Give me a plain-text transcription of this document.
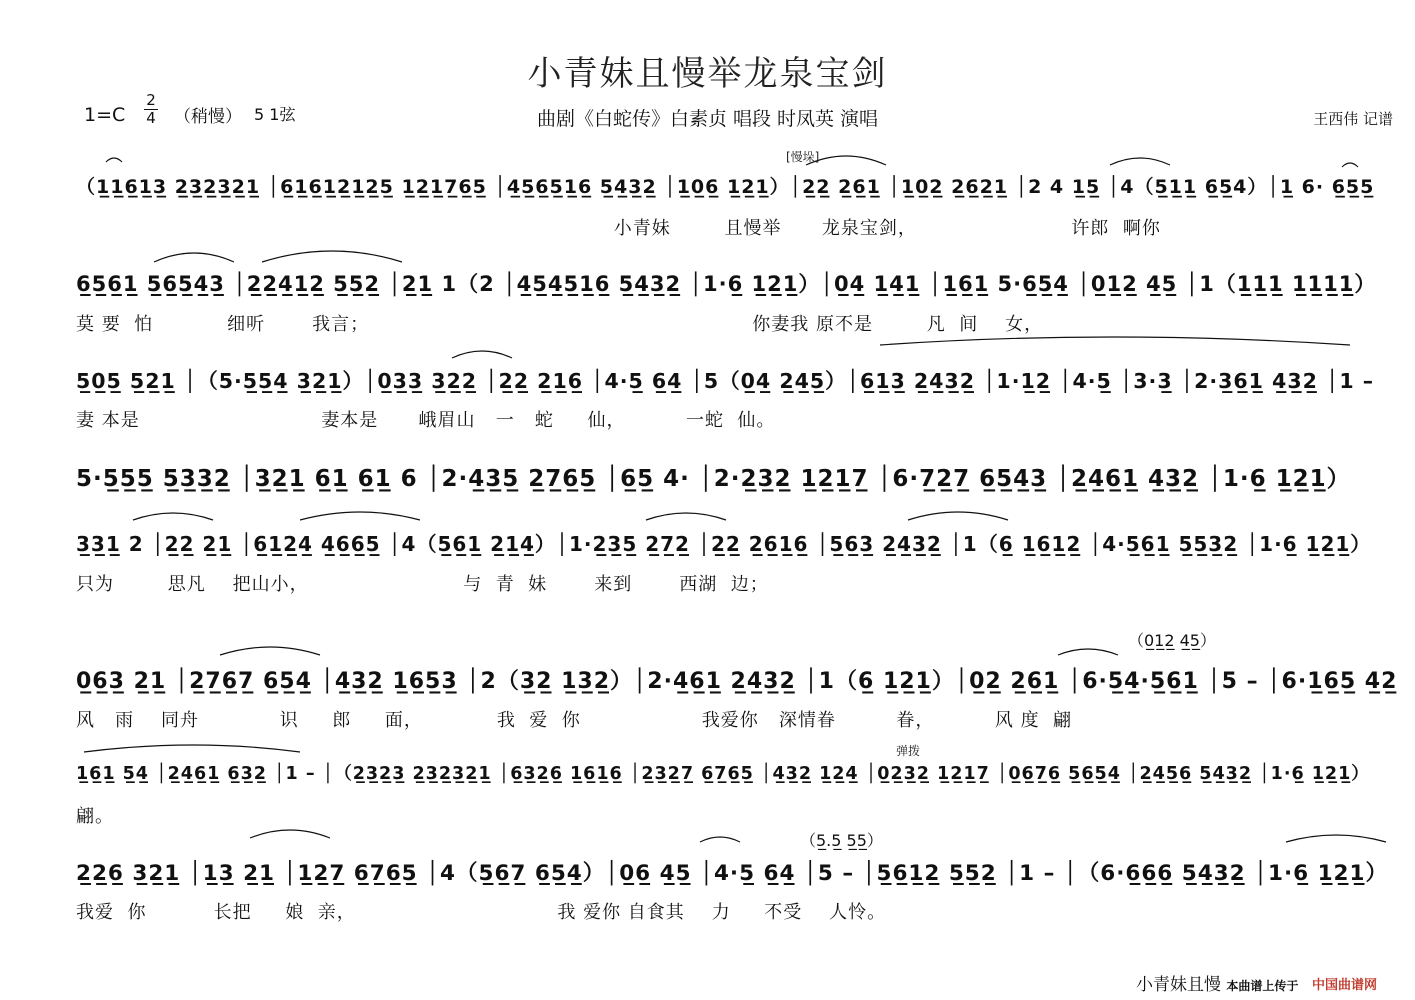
小青妹且慢举龙泉宝剑
1=C
2
4	（稍慢） 5 1弦	曲剧《白蛇传》白素贞 唱段 时凤英 演唱	王西伟 记谱
[慢垛]
（1̲1̲6̲1̲3̲ 2̲3̲2̲3̲2̲1̲ │6̲1̲6̲1̲2̲1̲2̲5̲ 1̲2̲1̲7̲6̲5̲ │4̲5̲6̲5̲1̲6̲ 5̲4̲3̲2̲ │1̲0̲6̲ 1̲2̲1̲）│2̲2̲ 2̲6̲1̲ │1̲0̲2̲ 2̲6̲2̲1̲ │2 4 1̲5̲ │4（5̲1̲1̲ 6̲5̲4）│1̲ 6· 6̲5̲5̲
小青妹        且慢举      龙泉宝剑，                       许郎  啊你
6̲5̲6̲1̲ 5̲6̲5̲4̲3̲ │2̲2̲4̲1̲2̲ 5̲5̲2̲ │2̲1̲ 1（2 │4̲5̲4̲5̲1̲6̲ 5̲4̲3̲2̲ │1·6̲ 1̲2̲1̲）│0̲4̲ 1̲4̲1̲ │1̲6̲1̲ 5·6̲5̲4̲ │0̲1̲2̲ 4̲5̲ │1（1̲1̲1̲ 1̲1̲1̲1̲）
莫 要  怕           细听       我言；                                                         你妻我 原不是        凡  间    女，
5̲0̲5̲ 5̲2̲1̲ │（5·5̲5̲4̲ 3̲2̲1̲）│0̲3̲3̲ 3̲2̲2̲ │2̲2̲ 2̲1̲6̲ │4·5̲ 6̲4̲ │5（0̲4̲ 2̲4̲5̲）│6̲1̲3̲ 2̲4̲3̲2̲ │1·1̲2̲ │4·5̲ │3·3̲ │2·3̲6̲1̲ 4̲3̲2̲ │1 –
妻 本是                           妻本是      峨眉山   一   蛇     仙，         一蛇  仙。
5·5̲5̲5̲ 5̲3̲3̲2̲ │3̲2̲1̲ 6̲1̲ 6̲1̲ 6 │2·4̲3̲5̲ 2̲7̲6̲5̲ │6̲5̲ 4· │2·2̲3̲2̲ 1̲2̲1̲7̲ │6·7̲2̲7̲ 6̲5̲4̲3̲ │2̲4̲6̲1̲ 4̲3̲2̲ │1·6̲ 1̲2̲1̲）
3̲3̲1̲ 2 │2̲2̲ 2̲1̲ │6̲1̲2̲4̲ 4̲6̲6̲5̲ │4（5̲6̲1̲ 2̲1̲4̲）│1·2̲3̲5̲ 2̲7̲2̲ │2̲2̲ 2̲6̲1̲6̲ │5̲6̲3̲ 2̲4̲3̲2̲ │1（6̲ 1̲6̲1̲2̲ │4·5̲6̲1̲ 5̲5̲3̲2̲ │1·6̲ 1̲2̲1̲）
只为        思凡    把山小，                       与  青  妹       来到       西湖  边；
（0̲1̲2̲ 4̲5̲）
0̲6̲3̲ 2̲1̲ │2̲7̲6̲7̲ 6̲5̲4̲ │4̲3̲2̲ 1̲6̲5̲3̲ │2（3̲2̲ 1̲3̲2̲）│2·4̲6̲1̲ 2̲4̲3̲2̲ │1（6̲ 1̲2̲1̲）│0̲2̲ 2̲6̲1̲ │6·5̲4̲·5̲6̲1̲ │5 – │6·1̲6̲5̲ 4̲2̲
风   雨    同舟            识     郎     面，           我  爱  你                  我爱你   深情眷         眷，         风 度  翩
弹拨
1̲6̲1̲ 5̲4̲ │2̲4̲6̲1̲ 6̲3̲2̲ │1 – │（2̲3̲2̲3̲ 2̲3̲2̲3̲2̲1̲ │6̲3̲2̲6̲ 1̲6̲1̲6̲ │2̲3̲2̲7̲ 6̲7̲6̲5̲ │4̲3̲2̲ 1̲2̲4̲ │0̲2̲3̲2̲ 1̲2̲1̲7̲ │0̲6̲7̲6̲ 5̲6̲5̲4̲ │2̲4̲5̲6̲ 5̲4̲3̲2̲ │1·6̲ 1̲2̲1̲）
翩。
（5̲.5̲ 5̲5̲）
2̲2̲6̲ 3̲2̲1̲ │1̲3̲ 2̲1̲ │1̲2̲7̲ 6̲7̲6̲5̲ │4（5̲6̲7̲ 6̲5̲4̲）│0̲6̲ 4̲5̲ │4·5̲ 6̲4̲ │5 – │5̲6̲1̲2̲ 5̲5̲2̲ │1 – │（6·6̲6̲6̲ 5̲4̲3̲2̲ │1·6̲ 1̲2̲1̲）
我爱  你          长把     娘  亲，                              我 爱你 自食其    力     不受    人怜。
小青妹且慢 本曲谱上传于 中国曲谱网
